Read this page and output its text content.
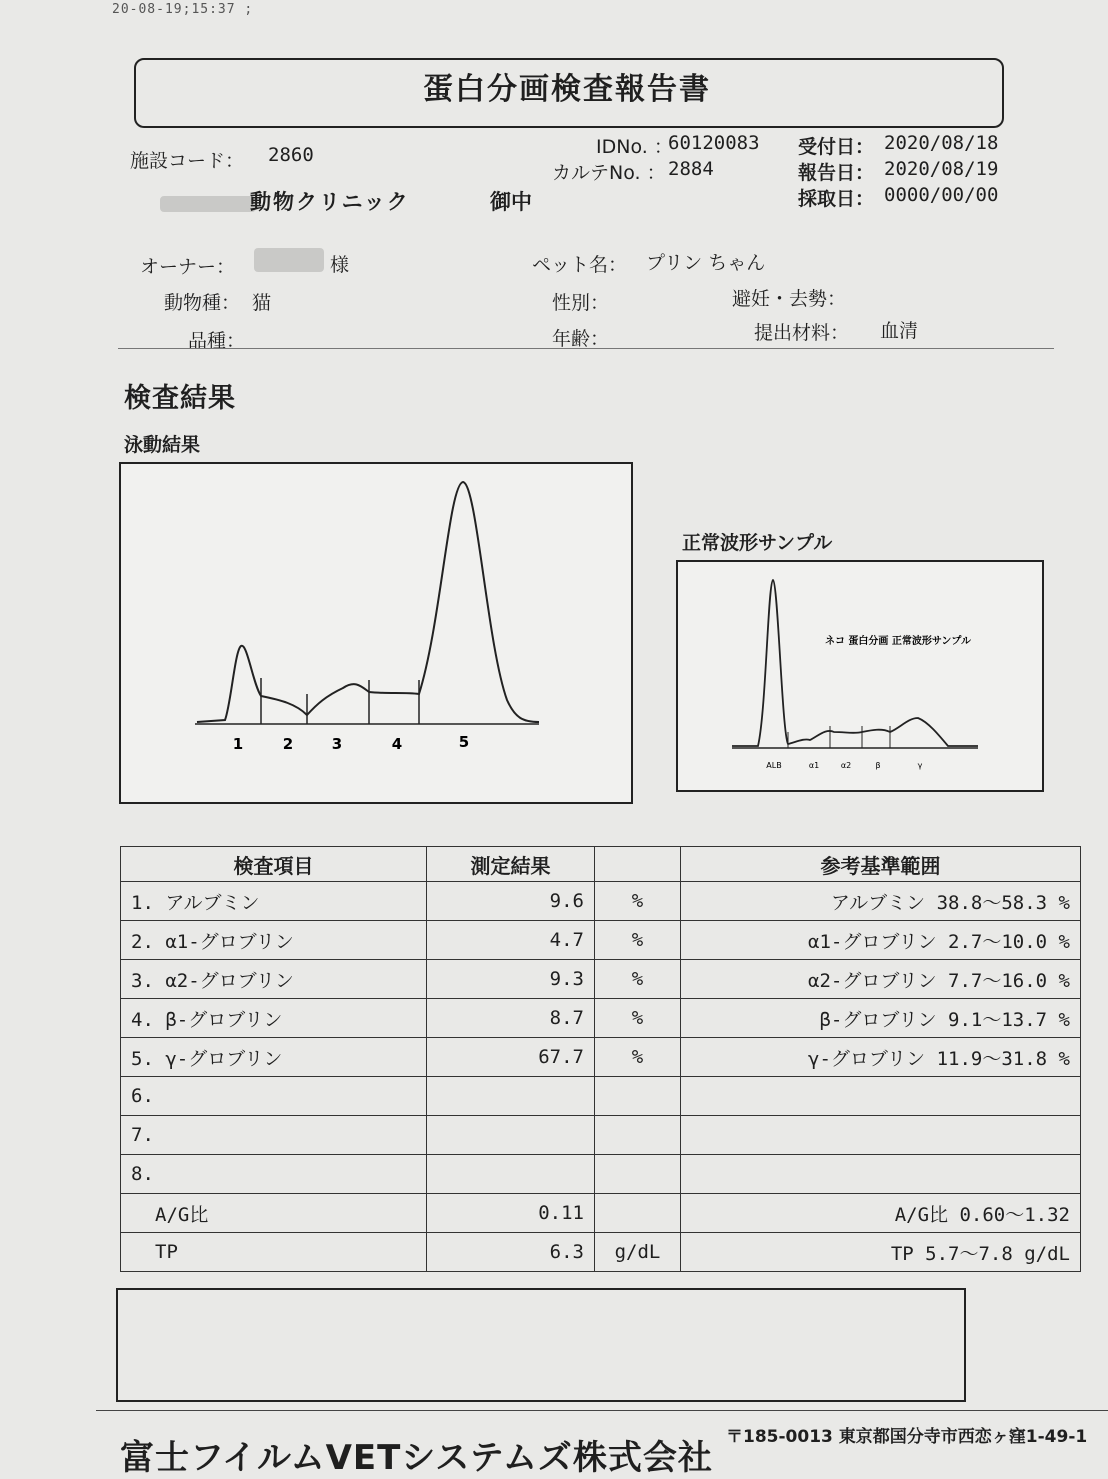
20-08-19;15:37 ;
蛋白分画検査報告書
施設コード： 2860
動物クリニック	御中
IDNo. ：
60120083
カルテNo. ： 2884
受付日： 2020/08/18
報告日： 2020/08/19
採取日： 0000/00/00
オーナー：	様	ペット名： プリン ちゃん
動物種： 猫	性別：	避妊・去勢：
品種：	年齢：	提出材料： 血清
検査結果
泳動結果
1	2	3	4	5
正常波形サンプル
ネコ 蛋白分画 正常波形サンプル
ALB	α1	α2	β	γ
検査項目	測定結果		参考基準範囲
1. アルブミン	9.6	%	アルブミン 38.8～58.3 %
2. α1-グロブリン	4.7	%	α1-グロブリン 2.7～10.0 %
3. α2-グロブリン	9.3	%	α2-グロブリン 7.7～16.0 %
4. β-グロブリン	8.7	%	β-グロブリン 9.1～13.7 %
5. γ-グロブリン	67.7	%	γ-グロブリン 11.9～31.8 %
6.			
7.			
8.			
A/G比	0.11		A/G比 0.60～1.32
TP	6.3	g/dL	TP 5.7～7.8 g/dL
富士フイルムVETシステムズ株式会社
〒185-0013 東京都国分寺市西恋ヶ窪1-49-1
